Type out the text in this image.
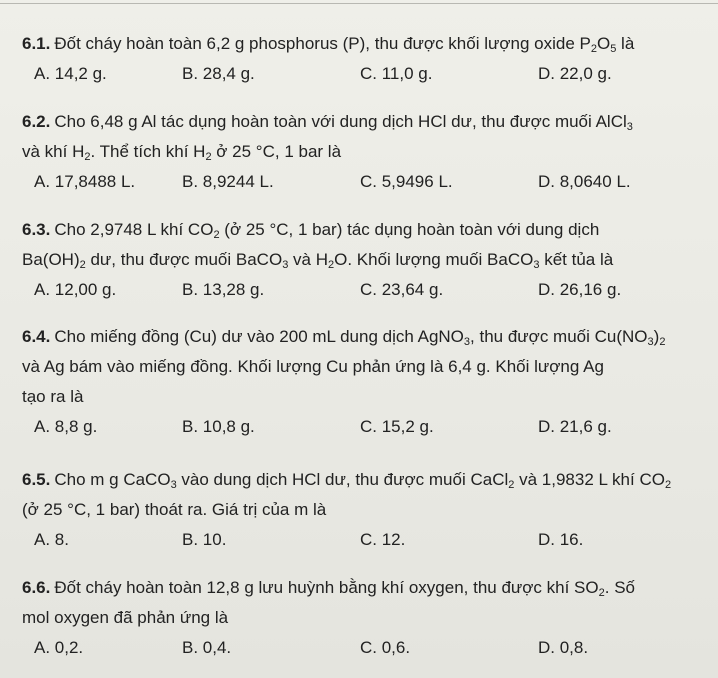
6.1. Đốt cháy hoàn toàn 6,2 g phosphorus (P), thu được khối lượng oxide $P_2O_5$ là
A. 14,2 g.	B. 28,4 g.	C. 11,0 g.	D. 22,0 g.
6.2. Cho 6,48 g Al tác dụng hoàn toàn với dung dịch HCl dư, thu được muối AlCl$_3$
và khí $H_2$. Thể tích khí $H_2$ ở 25 °C, 1 bar là
A. 17,8488 L.	B. 8,9244 L.	C. 5,9496 L.	D. 8,0640 L.
6.3. Cho 2,9748 L khí $CO_2$ (ở 25 °C, 1 bar) tác dụng hoàn toàn với dung dịch
$Ba(OH)_2$ dư, thu được muối BaCO$_3$ và $H_2O$. Khối lượng muối BaCO$_3$ kết tủa là
A. 12,00 g.	B. 13,28 g.	C. 23,64 g.	D. 26,16 g.
6.4. Cho miếng đồng (Cu) dư vào 200 mL dung dịch AgNO$_3$, thu được muối $Cu(NO_3)_2$
và Ag bám vào miếng đồng. Khối lượng Cu phản ứng là 6,4 g. Khối lượng Ag
tạo ra là
A. 8,8 g.	B. 10,8 g.	C. 15,2 g.	D. 21,6 g.
6.5. Cho m g CaCO$_3$ vào dung dịch HCl dư, thu được muối CaCl$_2$ và 1,9832 L khí $CO_2$
(ở 25 °C, 1 bar) thoát ra. Giá trị của m là
A. 8.	B. 10.	C. 12.	D. 16.
6.6. Đốt cháy hoàn toàn 12,8 g lưu huỳnh bằng khí oxygen, thu được khí $SO_2$. Số
mol oxygen đã phản ứng là
A. 0,2.	B. 0,4.	C. 0,6.	D. 0,8.
